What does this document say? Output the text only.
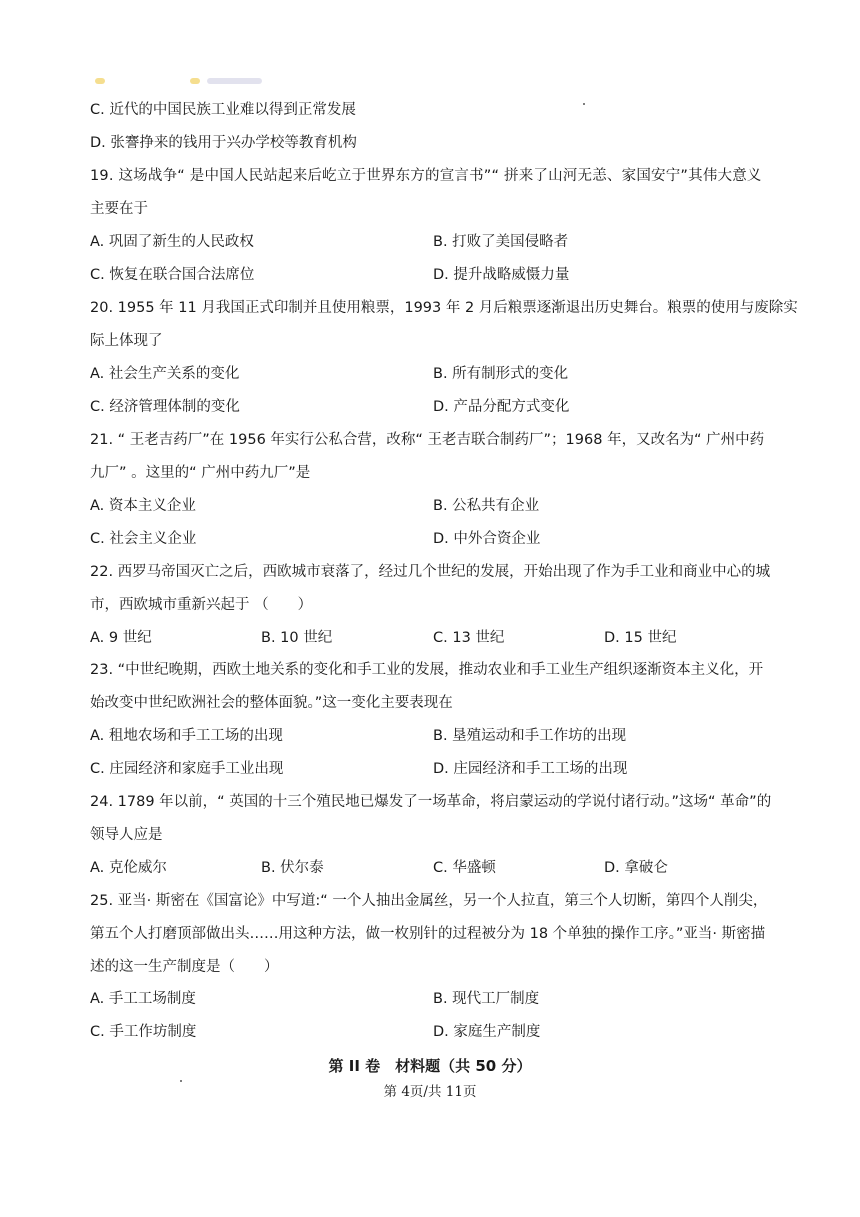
C. 近代的中国民族工业难以得到正常发展
D. 张謇挣来的钱用于兴办学校等教育机构
19. 这场战争“ 是中国人民站起来后屹立于世界东方的宣言书”“ 拼来了山河无恙、家国安宁”其伟大意义
主要在于
A. 巩固了新生的人民政权	B. 打败了美国侵略者
C. 恢复在联合国合法席位	D. 提升战略威慑力量
20. 1955 年 11 月我国正式印制并且使用粮票，1993 年 2 月后粮票逐渐退出历史舞台。粮票的使用与废除实
际上体现了
A. 社会生产关系的变化	B. 所有制形式的变化
C. 经济管理体制的变化	D. 产品分配方式变化
21. “ 王老吉药厂”在 1956 年实行公私合营，改称“ 王老吉联合制药厂”；1968 年，又改名为“ 广州中药
九厂” 。这里的“ 广州中药九厂”是
A. 资本主义企业	B. 公私共有企业
C. 社会主义企业	D. 中外合资企业
22. 西罗马帝国灭亡之后，西欧城市衰落了，经过几个世纪的发展，开始出现了作为手工业和商业中心的城
市，西欧城市重新兴起于 （　　）
A. 9 世纪	B. 10 世纪	C. 13 世纪	D. 15 世纪
23. “中世纪晚期，西欧土地关系的变化和手工业的发展，推动农业和手工业生产组织逐渐资本主义化，开
始改变中世纪欧洲社会的整体面貌。”这一变化主要表现在
A. 租地农场和手工工场的出现	B. 垦殖运动和手工作坊的出现
C. 庄园经济和家庭手工业出现	D. 庄园经济和手工工场的出现
24. 1789 年以前，“ 英国的十三个殖民地已爆发了一场革命，将启蒙运动的学说付诸行动。”这场“ 革命”的
领导人应是
A. 克伦威尔	B. 伏尔泰	C. 华盛顿	D. 拿破仑
25. 亚当· 斯密在《国富论》中写道:“ 一个人抽出金属丝，另一个人拉直，第三个人切断，第四个人削尖，
第五个人打磨顶部做出头……用这种方法，做一枚别针的过程被分为 18 个单独的操作工序。”亚当· 斯密描
述的这一生产制度是（　　）
A. 手工工场制度	B. 现代工厂制度
C. 手工作坊制度	D. 家庭生产制度
第 II 卷　材料题（共 50 分）
第 4页/共 11页
